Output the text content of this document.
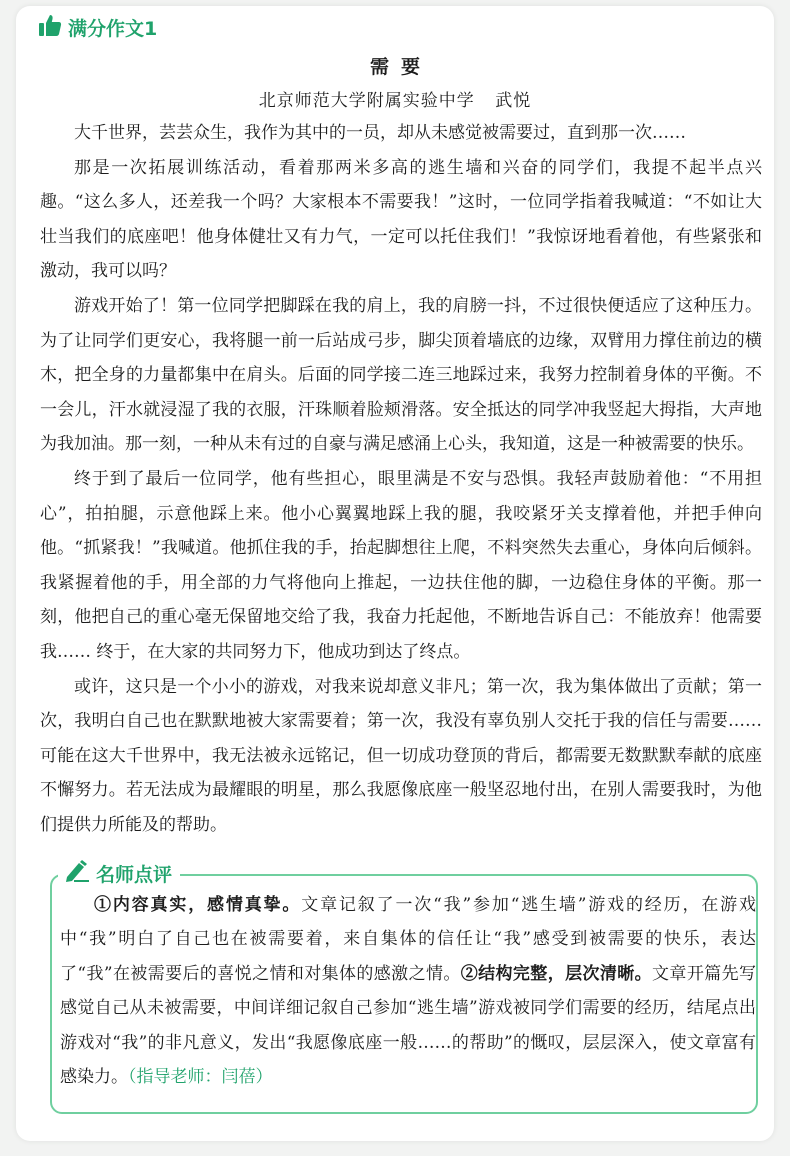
满分作文1
需要
北京师范大学附属实验中学 武悦

大千世界，芸芸众生，我作为其中的一员，却从未感觉被需要过，直到那一次……

那是一次拓展训练活动，看着那两米多高的逃生墙和兴奋的同学们，我提不起半点兴趣。“这么多人，还差我一个吗？大家根本不需要我！”这时，一位同学指着我喊道：“不如让大壮当我们的底座吧！他身体健壮又有力气，一定可以托住我们！”我惊讶地看着他，有些紧张和激动，我可以吗？

游戏开始了！第一位同学把脚踩在我的肩上，我的肩膀一抖，不过很快便适应了这种压力。为了让同学们更安心，我将腿一前一后站成弓步，脚尖顶着墙底的边缘，双臂用力撑住前边的横木，把全身的力量都集中在肩头。后面的同学接二连三地踩过来，我努力控制着身体的平衡。不一会儿，汗水就浸湿了我的衣服，汗珠顺着脸颊滑落。安全抵达的同学冲我竖起大拇指，大声地为我加油。那一刻，一种从未有过的自豪与满足感涌上心头，我知道，这是一种被需要的快乐。

终于到了最后一位同学，他有些担心，眼里满是不安与恐惧。我轻声鼓励着他：“不用担心”，拍拍腿，示意他踩上来。他小心翼翼地踩上我的腿，我咬紧牙关支撑着他，并把手伸向他。“抓紧我！”我喊道。他抓住我的手，抬起脚想往上爬，不料突然失去重心，身体向后倾斜。我紧握着他的手，用全部的力气将他向上推起，一边扶住他的脚，一边稳住身体的平衡。那一刻，他把自己的重心毫无保留地交给了我，我奋力托起他，不断地告诉自己：不能放弃！他需要我…… 终于，在大家的共同努力下，他成功到达了终点。

或许，这只是一个小小的游戏，对我来说却意义非凡；第一次，我为集体做出了贡献；第一次，我明白自己也在默默地被大家需要着；第一次，我没有辜负别人交托于我的信任与需要……可能在这大千世界中，我无法被永远铭记，但一切成功登顶的背后，都需要无数默默奉献的底座不懈努力。若无法成为最耀眼的明星，那么我愿像底座一般坚忍地付出，在别人需要我时，为他们提供力所能及的帮助。

名师点评

①内容真实，感情真挚。文章记叙了一次“我”参加“逃生墙”游戏的经历，在游戏中“我”明白了自己也在被需要着，来自集体的信任让“我”感受到被需要的快乐，表达了“我”在被需要后的喜悦之情和对集体的感激之情。②结构完整，层次清晰。文章开篇先写感觉自己从未被需要，中间详细记叙自己参加“逃生墙”游戏被同学们需要的经历，结尾点出游戏对“我”的非凡意义，发出“我愿像底座一般……的帮助”的慨叹，层层深入，使文章富有感染力。（指导老师：闫蓓）
